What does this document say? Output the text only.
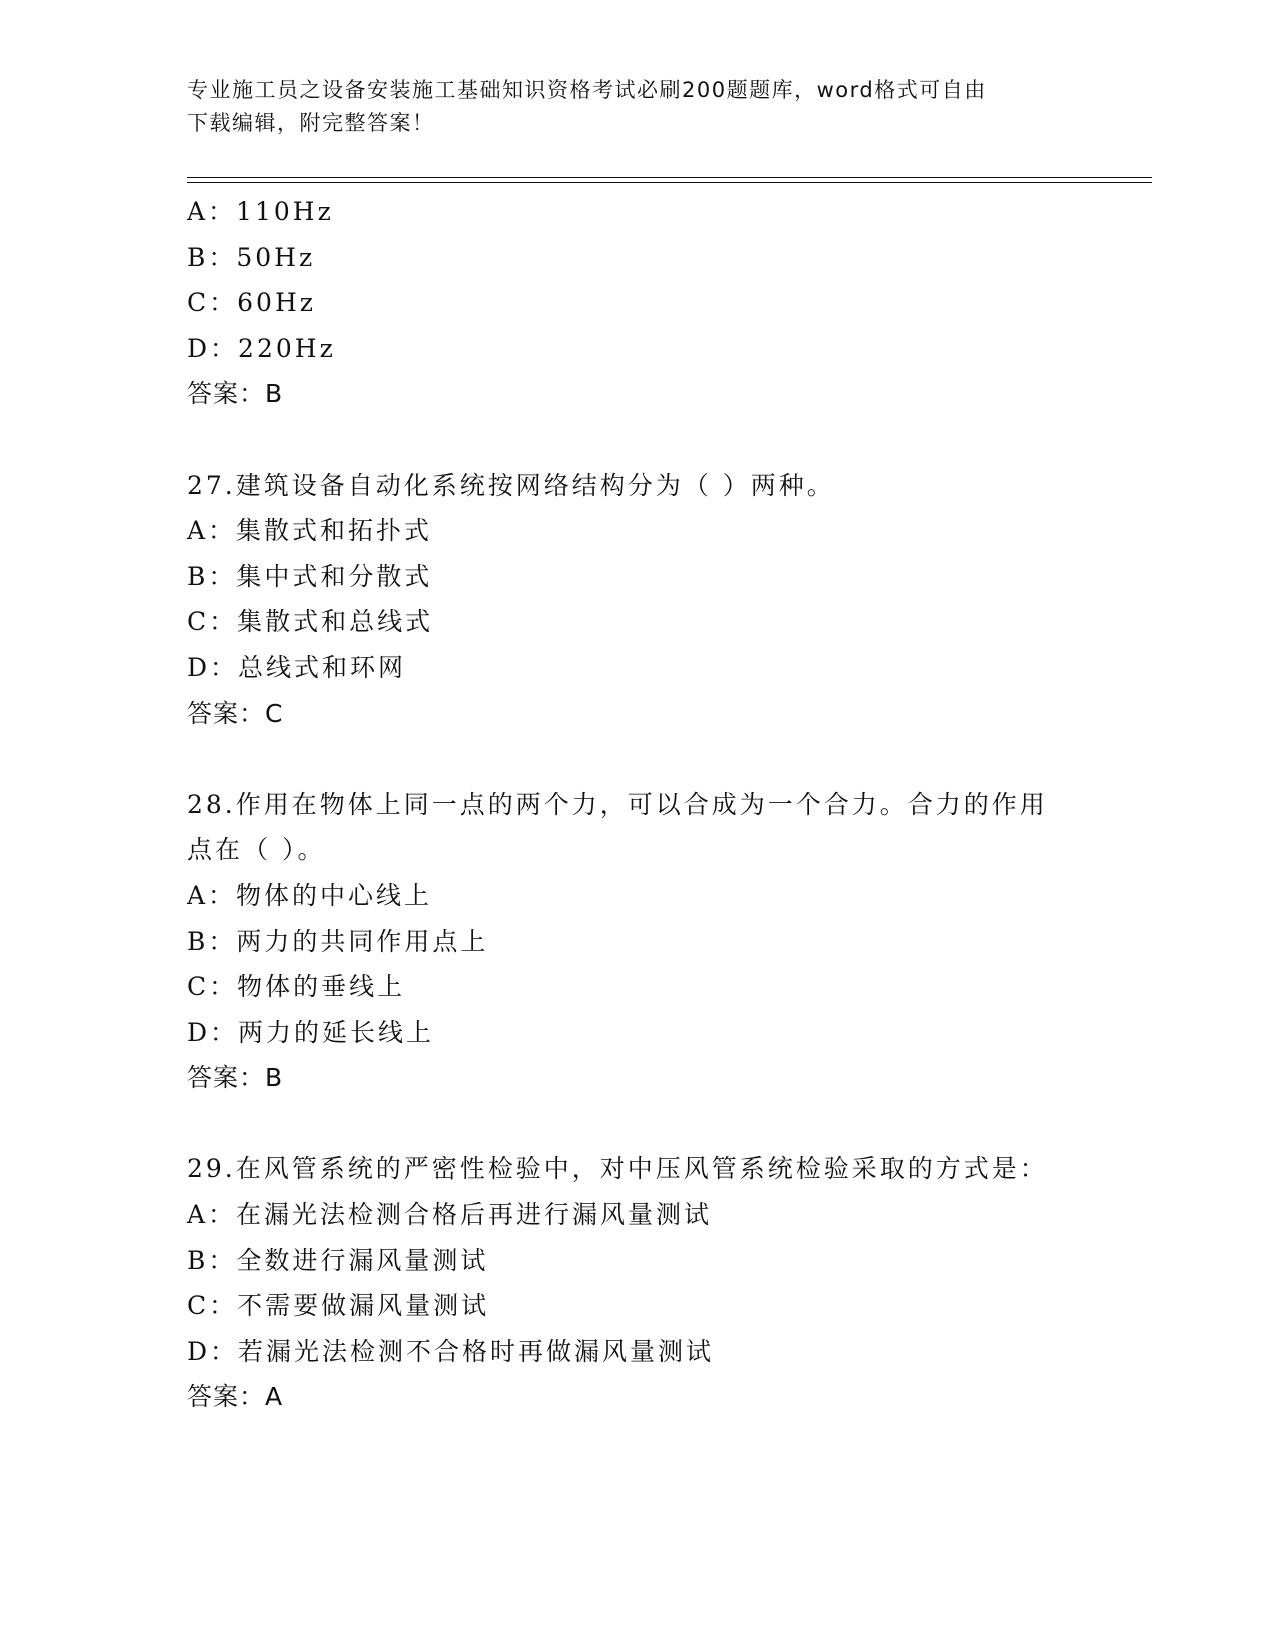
专业施工员之设备安装施工基础知识资格考试必刷200题题库，word格式可自由
下载编辑，附完整答案！
A：110Hz
B：50Hz
C：60Hz
D：220Hz
答案：B
27.建筑设备自动化系统按网络结构分为（ ）两种。
A：集散式和拓扑式
B：集中式和分散式
C：集散式和总线式
D：总线式和环网
答案：C
28.作用在物体上同一点的两个力，可以合成为一个合力。合力的作用
点在（ ）。
A：物体的中心线上
B：两力的共同作用点上
C：物体的垂线上
D：两力的延长线上
答案：B
29.在风管系统的严密性检验中，对中压风管系统检验采取的方式是：
A：在漏光法检测合格后再进行漏风量测试
B：全数进行漏风量测试
C：不需要做漏风量测试
D：若漏光法检测不合格时再做漏风量测试
答案：A
